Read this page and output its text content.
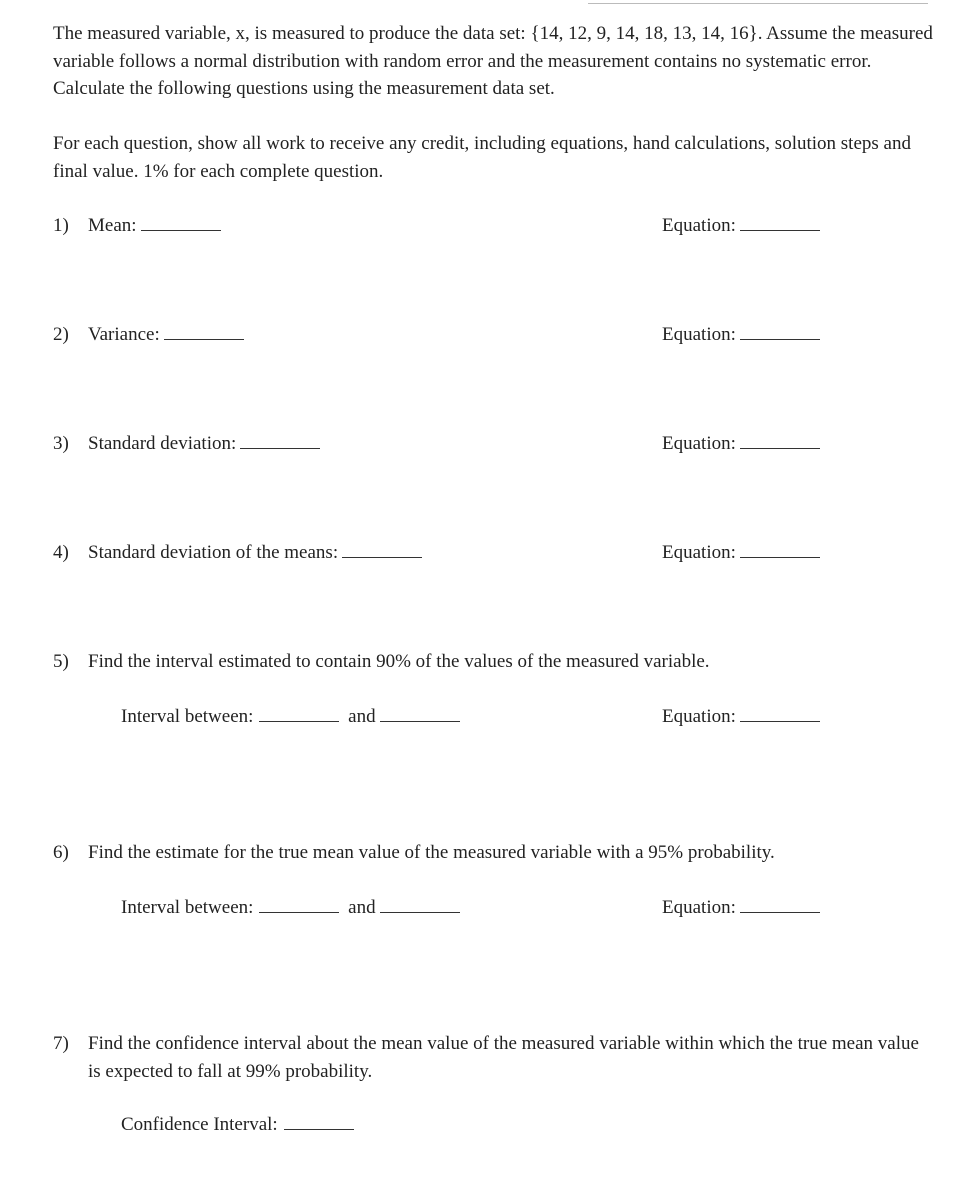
The measured variable, x, is measured to produce the data set: {14, 12, 9, 14, 18, 13, 14, 16}. Assume the measured variable follows a normal distribution with random error and the measurement contains no systematic error. Calculate the following questions using the measurement data set.

For each question, show all work to receive any credit, including equations, hand calculations, solution steps and final value. 1% for each complete question.

1) Mean:	Equation:
2) Variance:	Equation:
3) Standard deviation:	Equation:
4) Standard deviation of the means:	Equation:
5) Find the interval estimated to contain 90% of the values of the measured variable.
Interval between:	and	Equation:
6) Find the estimate for the true mean value of the measured variable with a 95% probability.
Interval between:	and	Equation:
7) Find the confidence interval about the mean value of the measured variable within which the true mean value is expected to fall at 99% probability.
Confidence Interval:
